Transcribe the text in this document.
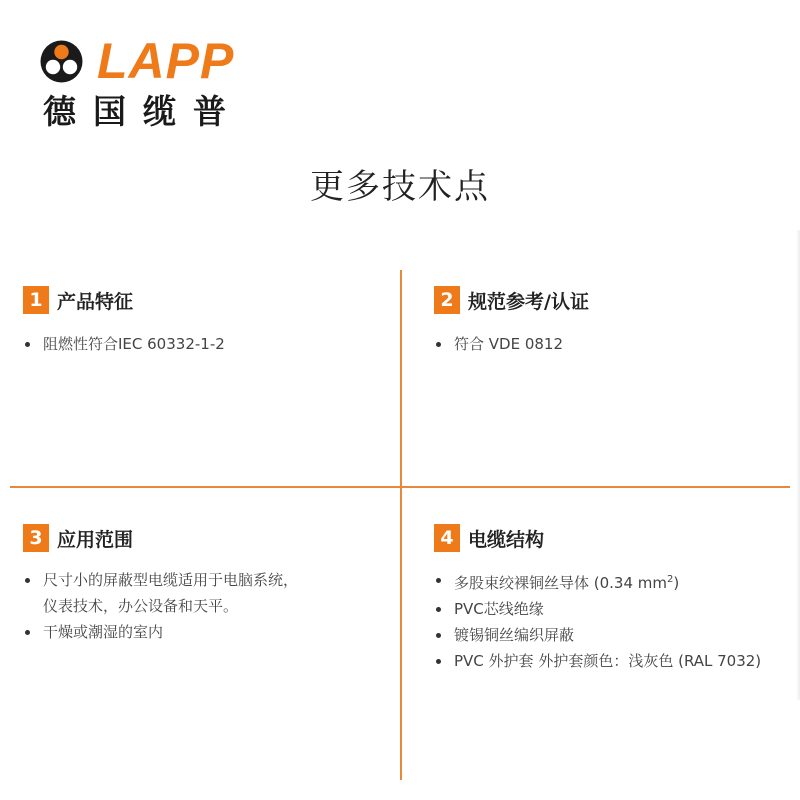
LAPP
德国缆普
更多技术点
1 产品特征
阻燃性符合IEC 60332-1-2
2 规范参考/认证
符合 VDE 0812
3 应用范围
尺寸小的屏蔽型电缆适用于电脑系统，
仪表技术，办公设备和天平。
干燥或潮湿的室内
4 电缆结构
多股束绞裸铜丝导体 (0.34 $mm^2$)
PVC芯线绝缘
镀锡铜丝编织屏蔽
PVC 外护套 外护套颜色：浅灰色 (RAL 7032)
